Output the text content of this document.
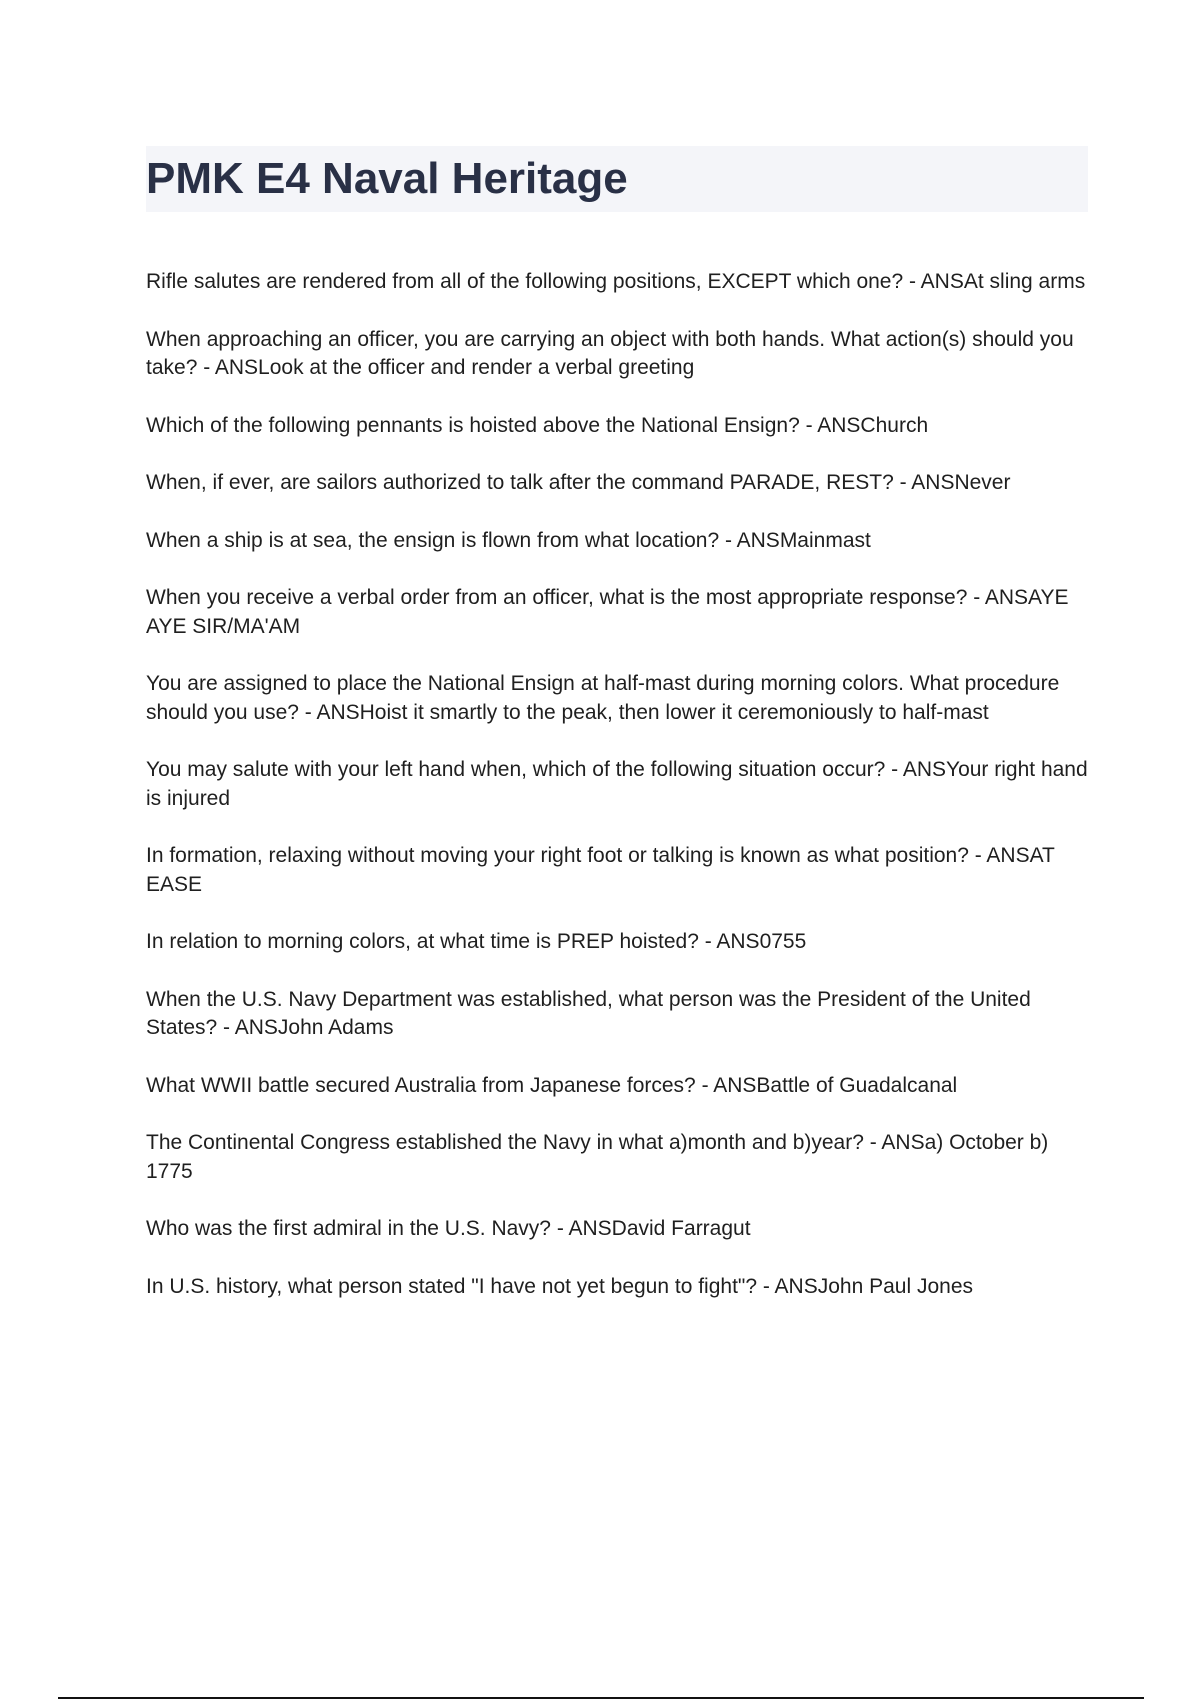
PMK E4 Naval Heritage
Rifle salutes are rendered from all of the following positions, EXCEPT which one? - ANSAt sling arms
When approaching an officer, you are carrying an object with both hands. What action(s) should you take? - ANSLook at the officer and render a verbal greeting
Which of the following pennants is hoisted above the National Ensign? - ANSChurch
When, if ever, are sailors authorized to talk after the command PARADE, REST? - ANSNever
When a ship is at sea, the ensign is flown from what location? - ANSMainmast
When you receive a verbal order from an officer, what is the most appropriate response? - ANSAYE AYE SIR/MA'AM
You are assigned to place the National Ensign at half-mast during morning colors. What procedure should you use? - ANSHoist it smartly to the peak, then lower it ceremoniously to half-mast
You may salute with your left hand when, which of the following situation occur? - ANSYour right hand is injured
In formation, relaxing without moving your right foot or talking is known as what position? - ANSAT EASE
In relation to morning colors, at what time is PREP hoisted? - ANS0755
When the U.S. Navy Department was established, what person was the President of the United States? - ANSJohn Adams
What WWII battle secured Australia from Japanese forces? - ANSBattle of Guadalcanal
The Continental Congress established the Navy in what a)month and b)year? - ANSa) October b) 1775
Who was the first admiral in the U.S. Navy? - ANSDavid Farragut
In U.S. history, what person stated "I have not yet begun to fight"? - ANSJohn Paul Jones
